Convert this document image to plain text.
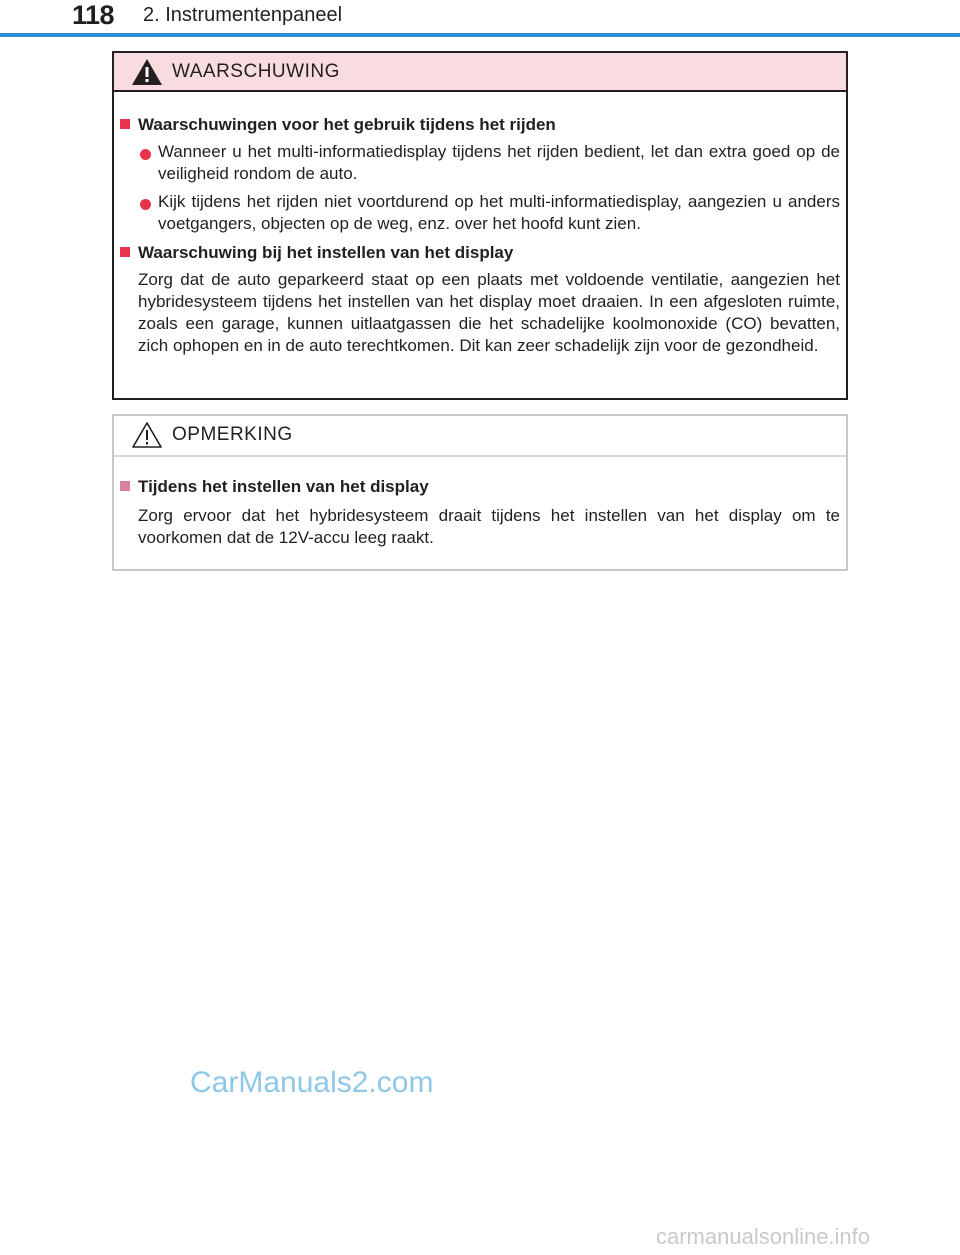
118 2. Instrumentenpaneel
WAARSCHUWING
Waarschuwingen voor het gebruik tijdens het rijden
Wanneer u het multi-informatiedisplay tijdens het rijden bedient, let dan extra goed op de veiligheid rondom de auto.
Kijk tijdens het rijden niet voortdurend op het multi-informatiedisplay, aangezien u anders voetgangers, objecten op de weg, enz. over het hoofd kunt zien.
Waarschuwing bij het instellen van het display
Zorg dat de auto geparkeerd staat op een plaats met voldoende ventilatie, aangezien het hybridesysteem tijdens het instellen van het display moet draaien. In een afgesloten ruimte, zoals een garage, kunnen uitlaatgassen die het schadelijke koolmonoxide (CO) bevatten, zich ophopen en in de auto terechtkomen. Dit kan zeer schadelijk zijn voor de gezondheid.
OPMERKING
Tijdens het instellen van het display
Zorg ervoor dat het hybridesysteem draait tijdens het instellen van het display om te voorkomen dat de 12V-accu leeg raakt.
CarManuals2.com
carmanualsonline.info
